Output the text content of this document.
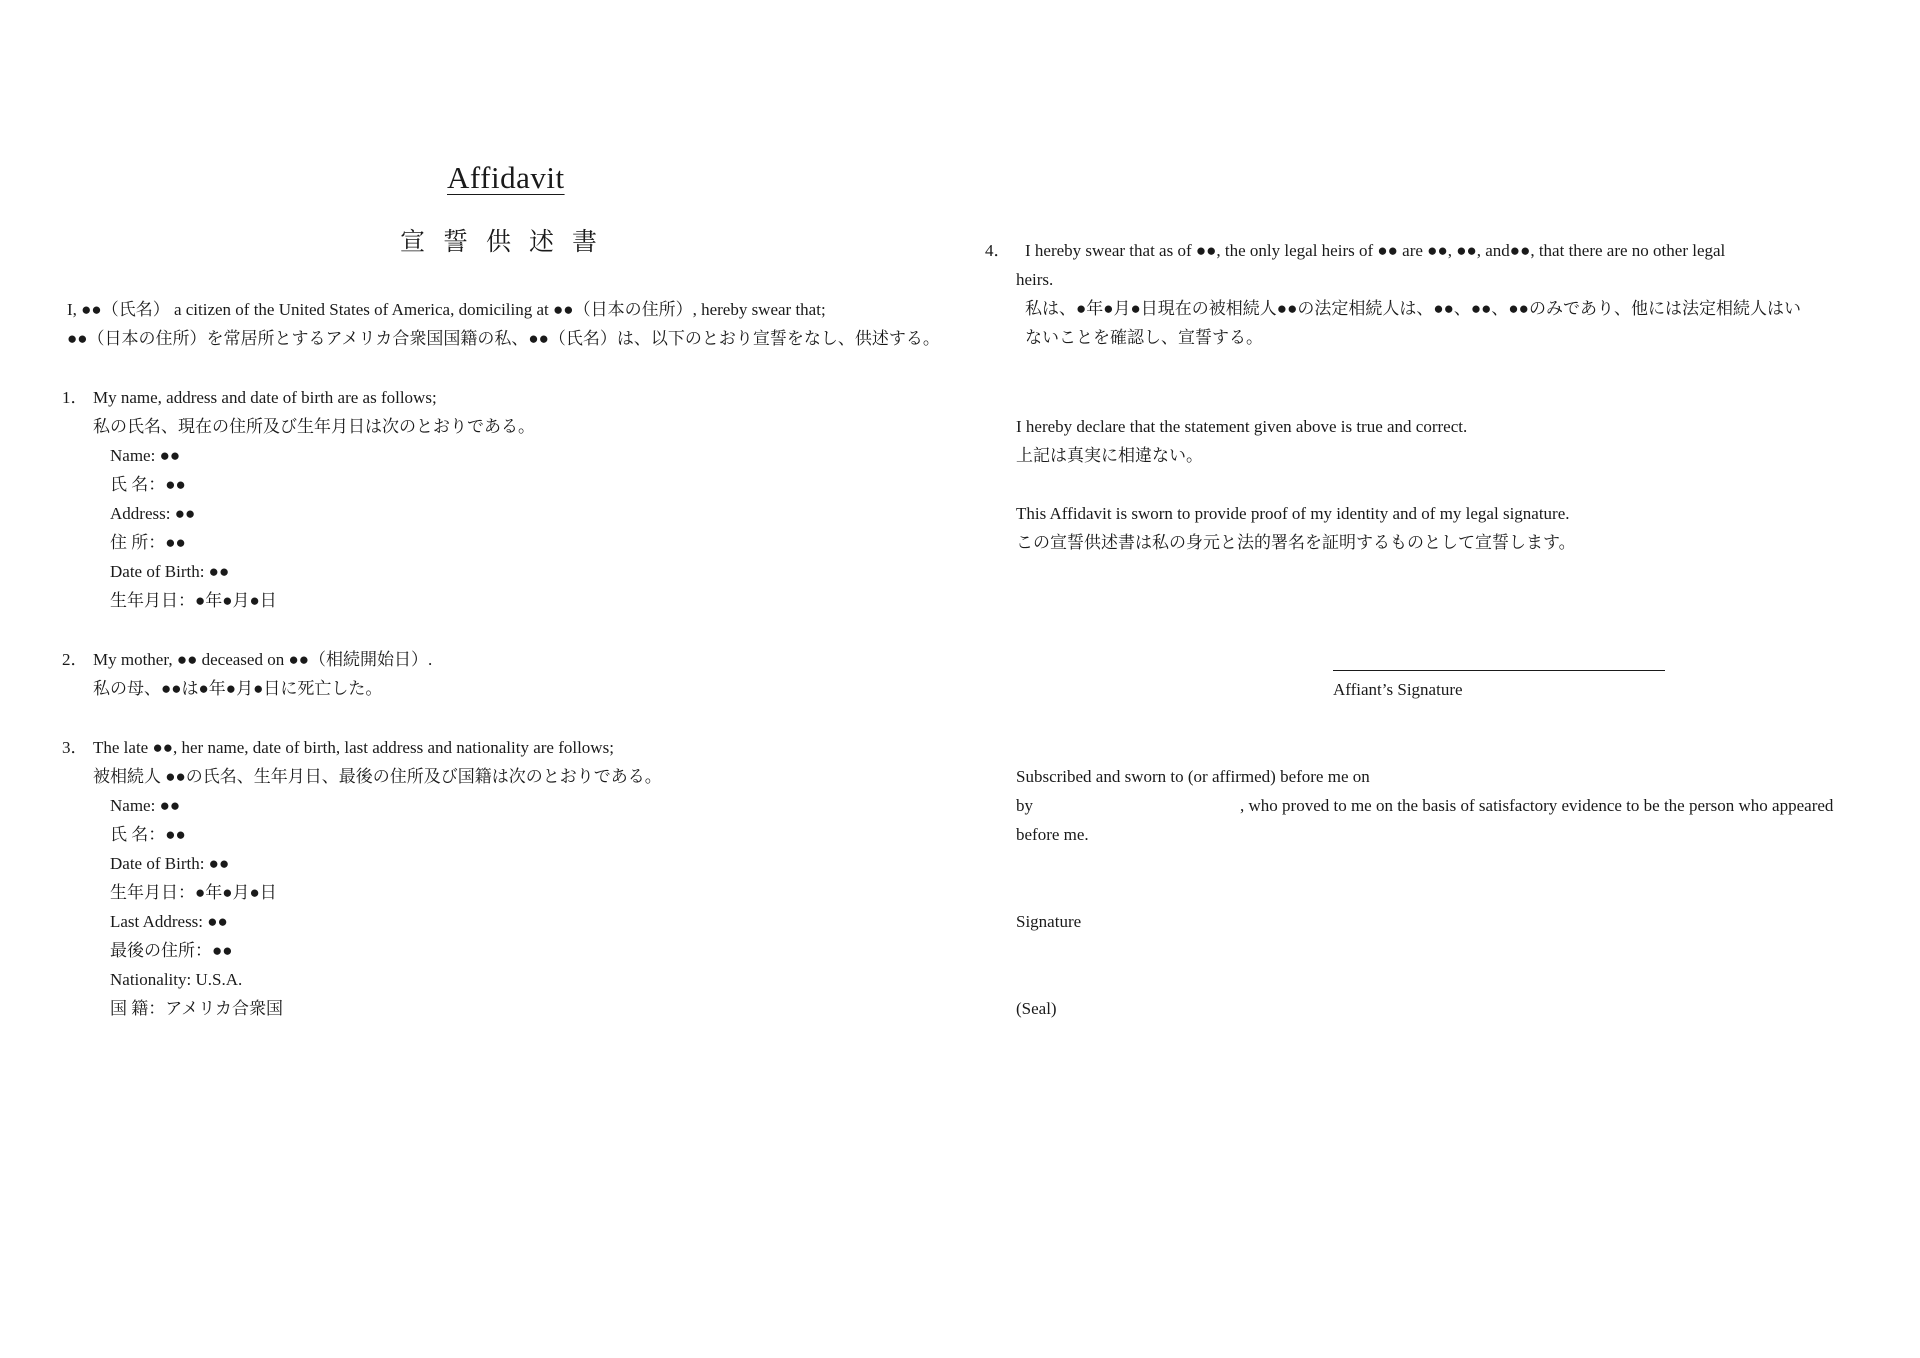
Affidavit
宣誓供述書
I, ●●（氏名） a citizen of the United States of America, domiciling at ●●（日本の住所）, hereby swear that;
●●（日本の住所）を常居所とするアメリカ合衆国国籍の私、●●（氏名）は、以下のとおり宣誓をなし、供述する。
1． My name, address and date of birth are as follows;
私の氏名、現在の住所及び生年月日は次のとおりである。
Name: ●●
氏 名：●●
Address: ●●
住 所：●●
Date of Birth: ●●
生年月日：●年●月●日
2． My mother, ●● deceased on ●●（相続開始日）.
私の母、●●は●年●月●日に死亡した。
3． The late ●●, her name, date of birth, last address and nationality are follows;
被相続人 ●●の氏名、生年月日、最後の住所及び国籍は次のとおりである。
Name: ●●
氏 名：●●
Date of Birth: ●●
生年月日：●年●月●日
Last Address: ●●
最後の住所：●●
Nationality: U.S.A.
国 籍：アメリカ合衆国
4． I hereby swear that as of ●●, the only legal heirs of ●● are ●●, ●●, and●●, that there are no other legal
heirs.
私は、●年●月●日現在の被相続人●●の法定相続人は、●●、●●、●●のみであり、他には法定相続人はい
ないことを確認し、宣誓する。
I hereby declare that the statement given above is true and correct.
上記は真実に相違ない。
This Affidavit is sworn to provide proof of my identity and of my legal signature.
この宣誓供述書は私の身元と法的署名を証明するものとして宣誓します。
Affiant’s Signature
Subscribed and sworn to (or affirmed) before me on
by	, who proved to me on the basis of satisfactory evidence to be the person who appeared
before me.
Signature
(Seal)
